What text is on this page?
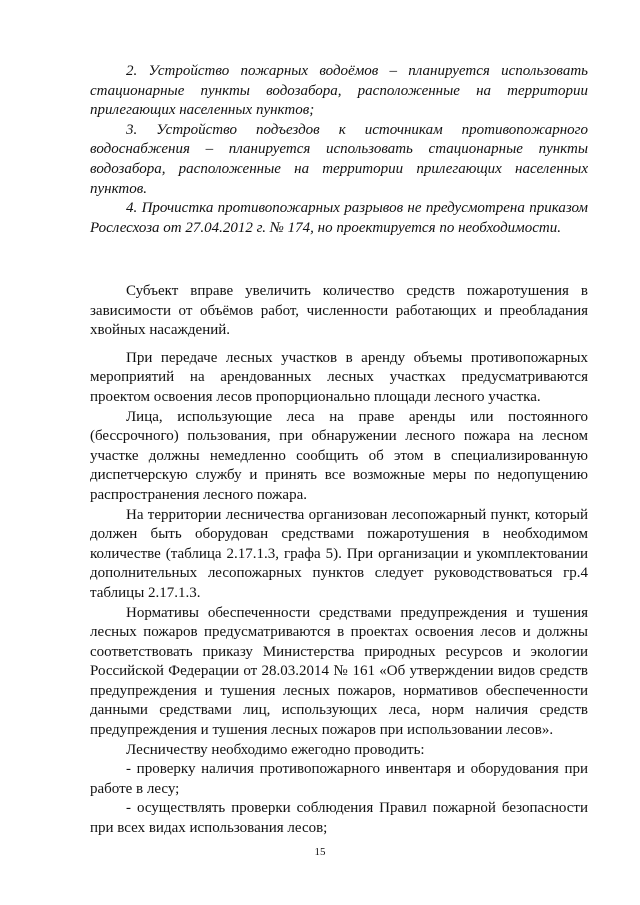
2. Устройство пожарных водоёмов – планируется использовать стационарные пункты водозабора, расположенные на территории прилегающих населенных пунктов;

3. Устройство подъездов к источникам противопожарного водоснабжения – планируется использовать стационарные пункты водозабора, расположенные на территории прилегающих населенных пунктов.

4. Прочистка противопожарных разрывов не предусмотрена приказом Рослесхоза от 27.04.2012 г. № 174, но проектируется по необходимости.

Субъект вправе увеличить количество средств пожаротушения в зависимости от объёмов работ, численности работающих и преобладания хвойных насаждений.

При передаче лесных участков в аренду объемы противопожарных мероприятий на арендованных лесных участках предусматриваются проектом освоения лесов пропорционально площади лесного участка.

Лица, использующие леса на праве аренды или постоянного (бессрочного) пользования, при обнаружении лесного пожара на лесном участке должны немедленно сообщить об этом в специализированную диспетчерскую службу и принять все возможные меры по недопущению распространения лесного пожара.

На территории лесничества организован лесопожарный пункт, который должен быть оборудован средствами пожаротушения в необходимом количестве (таблица 2.17.1.3, графа 5). При организации и укомплектовании дополнительных лесопожарных пунктов следует руководствоваться гр.4 таблицы 2.17.1.3.

Нормативы обеспеченности средствами предупреждения и тушения лесных пожаров предусматриваются в проектах освоения лесов и должны соответствовать приказу Министерства природных ресурсов и экологии Российской Федерации от 28.03.2014 № 161 «Об утверждении видов средств предупреждения и тушения лесных пожаров, нормативов обеспеченности данными средствами лиц, использующих леса, норм наличия средств предупреждения и тушения лесных пожаров при использовании лесов».

Лесничеству необходимо ежегодно проводить:

- проверку наличия противопожарного инвентаря и оборудования при работе в лесу;

- осуществлять проверки соблюдения Правил пожарной безопасности при всех видах использования лесов;

15
